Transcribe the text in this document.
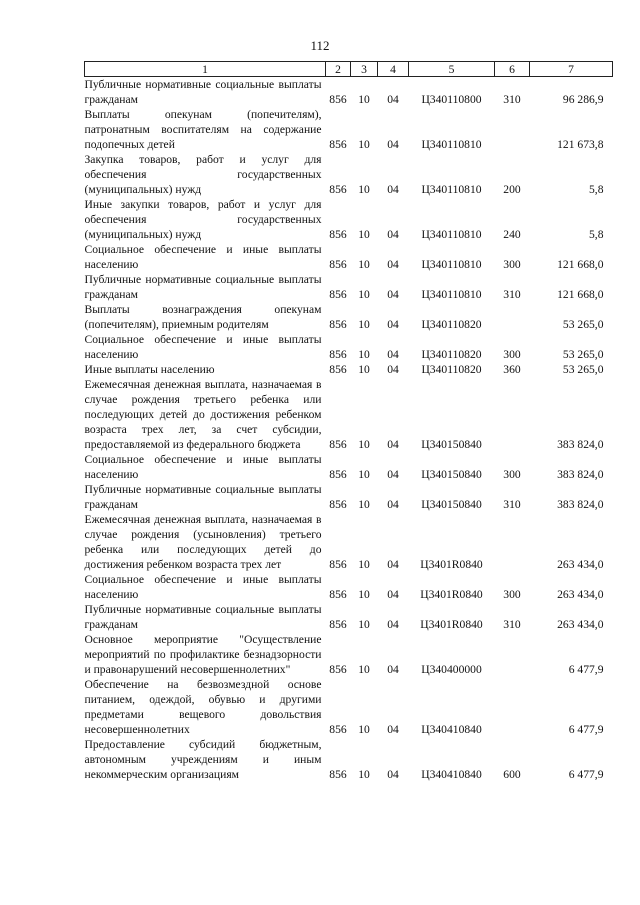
112
1	2	3	4	5	6	7
Публичные нормативные социальные выплаты гражданам	856	10	04	Ц340110800	310	96 286,9
Выплаты опекунам (попечителям), патронатным воспитателям на содержание подопечных детей	856	10	04	Ц340110810		121 673,8
Закупка товаров, работ и услуг для обеспечения государственных (муниципальных) нужд	856	10	04	Ц340110810	200	5,8
Иные закупки товаров, работ и услуг для обеспечения государственных (муниципальных) нужд	856	10	04	Ц340110810	240	5,8
Социальное обеспечение и иные выплаты населению	856	10	04	Ц340110810	300	121 668,0
Публичные нормативные социальные выплаты гражданам	856	10	04	Ц340110810	310	121 668,0
Выплаты вознаграждения опекунам (попечителям), приемным родителям	856	10	04	Ц340110820		53 265,0
Социальное обеспечение и иные выплаты населению	856	10	04	Ц340110820	300	53 265,0
Иные выплаты населению	856	10	04	Ц340110820	360	53 265,0
Ежемесячная денежная выплата, назначаемая в случае рождения третьего ребенка или последующих детей до достижения ребенком возраста трех лет, за счет субсидии, предоставляемой из федерального бюджета	856	10	04	Ц340150840		383 824,0
Социальное обеспечение и иные выплаты населению	856	10	04	Ц340150840	300	383 824,0
Публичные нормативные социальные выплаты гражданам	856	10	04	Ц340150840	310	383 824,0
Ежемесячная денежная выплата, назначаемая в случае рождения (усыновления) третьего ребенка или последующих детей до достижения ребенком возраста трех лет	856	10	04	Ц3401R0840		263 434,0
Социальное обеспечение и иные выплаты населению	856	10	04	Ц3401R0840	300	263 434,0
Публичные нормативные социальные выплаты гражданам	856	10	04	Ц3401R0840	310	263 434,0
Основное мероприятие "Осуществление мероприятий по профилактике безнадзорности и правонарушений несовершеннолетних"	856	10	04	Ц340400000		6 477,9
Обеспечение на безвозмездной основе питанием, одеждой, обувью и другими предметами вещевого довольствия несовершеннолетних	856	10	04	Ц340410840		6 477,9
Предоставление субсидий бюджетным, автономным учреждениям и иным некоммерческим организациям	856	10	04	Ц340410840	600	6 477,9
